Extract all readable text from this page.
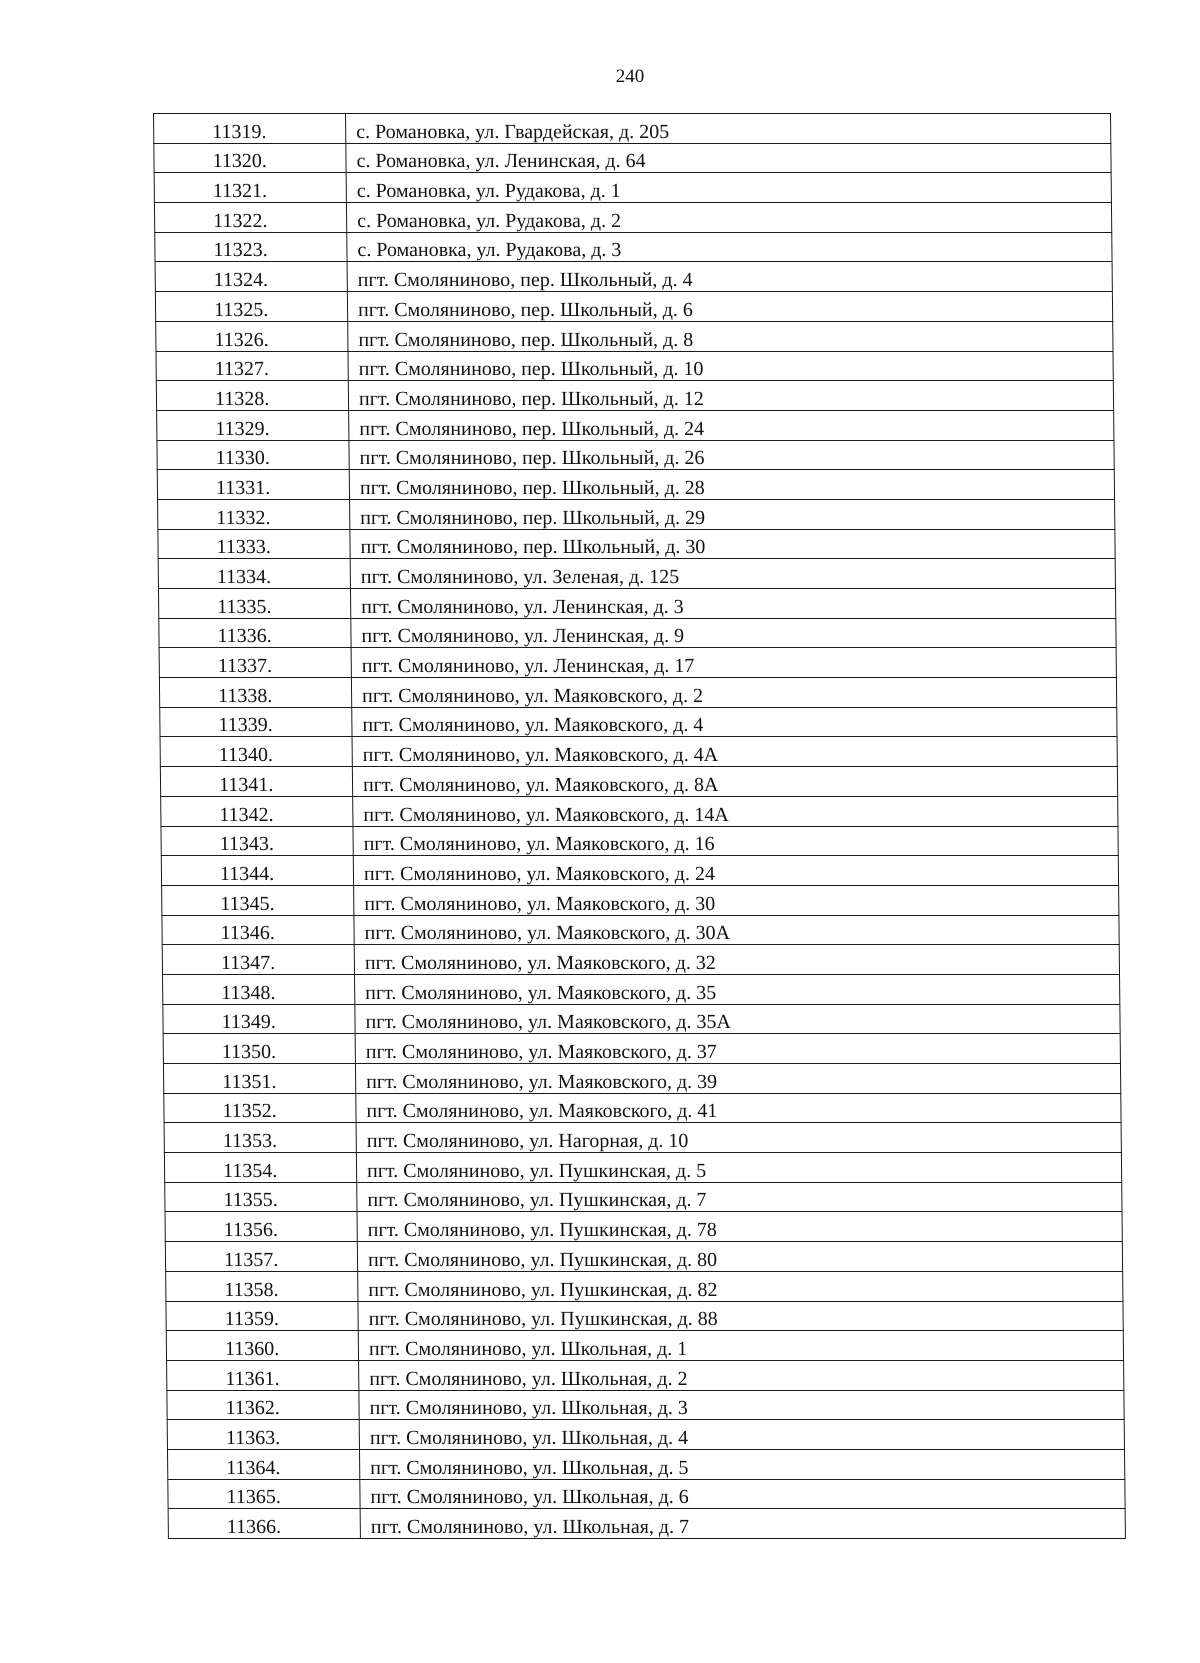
240
11319.	с. Романовка, ул. Гвардейская, д. 205
11320.	с. Романовка, ул. Ленинская, д. 64
11321.	с. Романовка, ул. Рудакова, д. 1
11322.	с. Романовка, ул. Рудакова, д. 2
11323.	с. Романовка, ул. Рудакова, д. 3
11324.	пгт. Смоляниново, пер. Школьный, д. 4
11325.	пгт. Смоляниново, пер. Школьный, д. 6
11326.	пгт. Смоляниново, пер. Школьный, д. 8
11327.	пгт. Смоляниново, пер. Школьный, д. 10
11328.	пгт. Смоляниново, пер. Школьный, д. 12
11329.	пгт. Смоляниново, пер. Школьный, д. 24
11330.	пгт. Смоляниново, пер. Школьный, д. 26
11331.	пгт. Смоляниново, пер. Школьный, д. 28
11332.	пгт. Смоляниново, пер. Школьный, д. 29
11333.	пгт. Смоляниново, пер. Школьный, д. 30
11334.	пгт. Смоляниново, ул. Зеленая, д. 125
11335.	пгт. Смоляниново, ул. Ленинская, д. 3
11336.	пгт. Смоляниново, ул. Ленинская, д. 9
11337.	пгт. Смоляниново, ул. Ленинская, д. 17
11338.	пгт. Смоляниново, ул. Маяковского, д. 2
11339.	пгт. Смоляниново, ул. Маяковского, д. 4
11340.	пгт. Смоляниново, ул. Маяковского, д. 4А
11341.	пгт. Смоляниново, ул. Маяковского, д. 8А
11342.	пгт. Смоляниново, ул. Маяковского, д. 14А
11343.	пгт. Смоляниново, ул. Маяковского, д. 16
11344.	пгт. Смоляниново, ул. Маяковского, д. 24
11345.	пгт. Смоляниново, ул. Маяковского, д. 30
11346.	пгт. Смоляниново, ул. Маяковского, д. 30А
11347.	пгт. Смоляниново, ул. Маяковского, д. 32
11348.	пгт. Смоляниново, ул. Маяковского, д. 35
11349.	пгт. Смоляниново, ул. Маяковского, д. 35А
11350.	пгт. Смоляниново, ул. Маяковского, д. 37
11351.	пгт. Смоляниново, ул. Маяковского, д. 39
11352.	пгт. Смоляниново, ул. Маяковского, д. 41
11353.	пгт. Смоляниново, ул. Нагорная, д. 10
11354.	пгт. Смоляниново, ул. Пушкинская, д. 5
11355.	пгт. Смоляниново, ул. Пушкинская, д. 7
11356.	пгт. Смоляниново, ул. Пушкинская, д. 78
11357.	пгт. Смоляниново, ул. Пушкинская, д. 80
11358.	пгт. Смоляниново, ул. Пушкинская, д. 82
11359.	пгт. Смоляниново, ул. Пушкинская, д. 88
11360.	пгт. Смоляниново, ул. Школьная, д. 1
11361.	пгт. Смоляниново, ул. Школьная, д. 2
11362.	пгт. Смоляниново, ул. Школьная, д. 3
11363.	пгт. Смоляниново, ул. Школьная, д. 4
11364.	пгт. Смоляниново, ул. Школьная, д. 5
11365.	пгт. Смоляниново, ул. Школьная, д. 6
11366.	пгт. Смоляниново, ул. Школьная, д. 7
